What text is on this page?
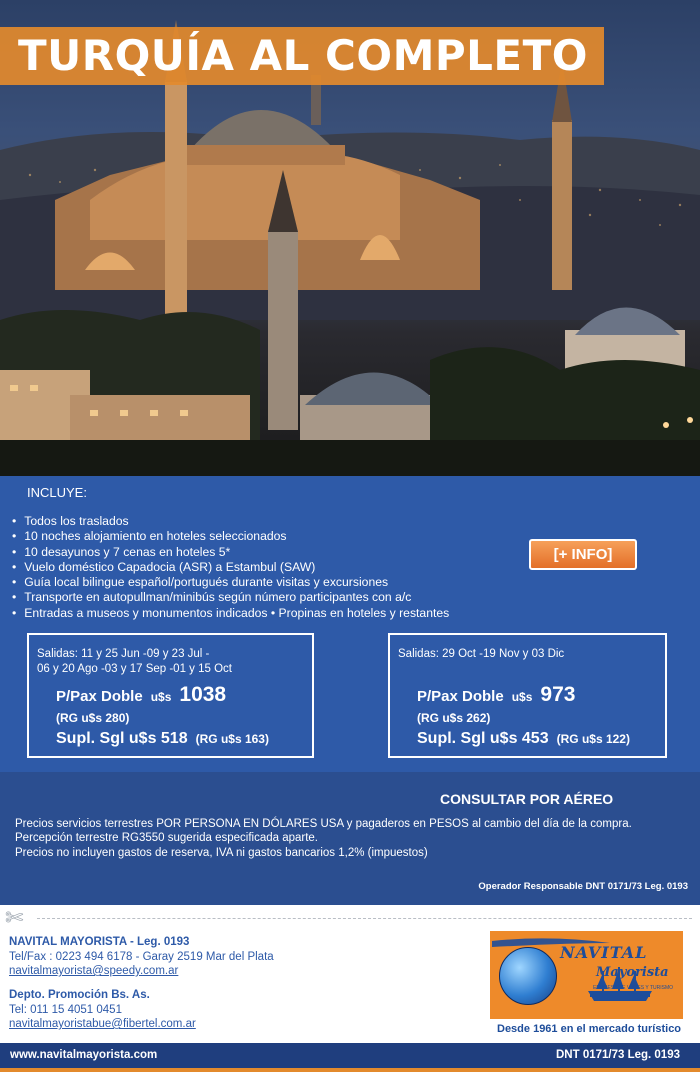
TURQUÍA AL COMPLETO
INCLUYE:
• Todos los traslados
• 10 noches alojamiento en hoteles seleccionados
• 10 desayunos y 7 cenas en hoteles 5*
• Vuelo doméstico Capadocia (ASR) a Estambul (SAW)
• Guía local bilingue español/portugués durante visitas y excursiones
• Transporte en autopullman/minibús según número participantes con a/c
• Entradas a museos y monumentos indicados • Propinas en hoteles y restantes
[+ INFO]
Salidas: 11 y 25 Jun -09 y 23 Jul -
06 y 20 Ago -03 y 17 Sep -01 y 15 Oct
P/Pax Doble u$s 1038
(RG u$s 280)
Supl. Sgl u$s 518 (RG u$s 163)
Salidas: 29 Oct -19 Nov y 03 Dic
P/Pax Doble u$s 973
(RG u$s 262)
Supl. Sgl u$s 453 (RG u$s 122)
CONSULTAR POR AÉREO
Precios servicios terrestres POR PERSONA EN DÓLARES USA y pagaderos en PESOS al cambio del día de la compra.
Percepción terrestre RG3550 sugerida especificada aparte.
Precios no incluyen gastos de reserva, IVA ni gastos bancarios 1,2% (impuestos)
Operador Responsable DNT 0171/73 Leg. 0193
✄
NAVITAL MAYORISTA - Leg. 0193
Tel/Fax : 0223 494 6178 - Garay 2519 Mar del Plata
navitalmayorista@speedy.com.ar
Depto. Promoción Bs. As.
Tel: 011 15 4051 0451
navitalmayoristabue@fibertel.com.ar
NAVITAL
Mayorista
EMPRESA DE VIAJES Y TURISMO
Desde 1961 en el mercado turístico
www.navitalmayorista.com	DNT 0171/73 Leg. 0193
